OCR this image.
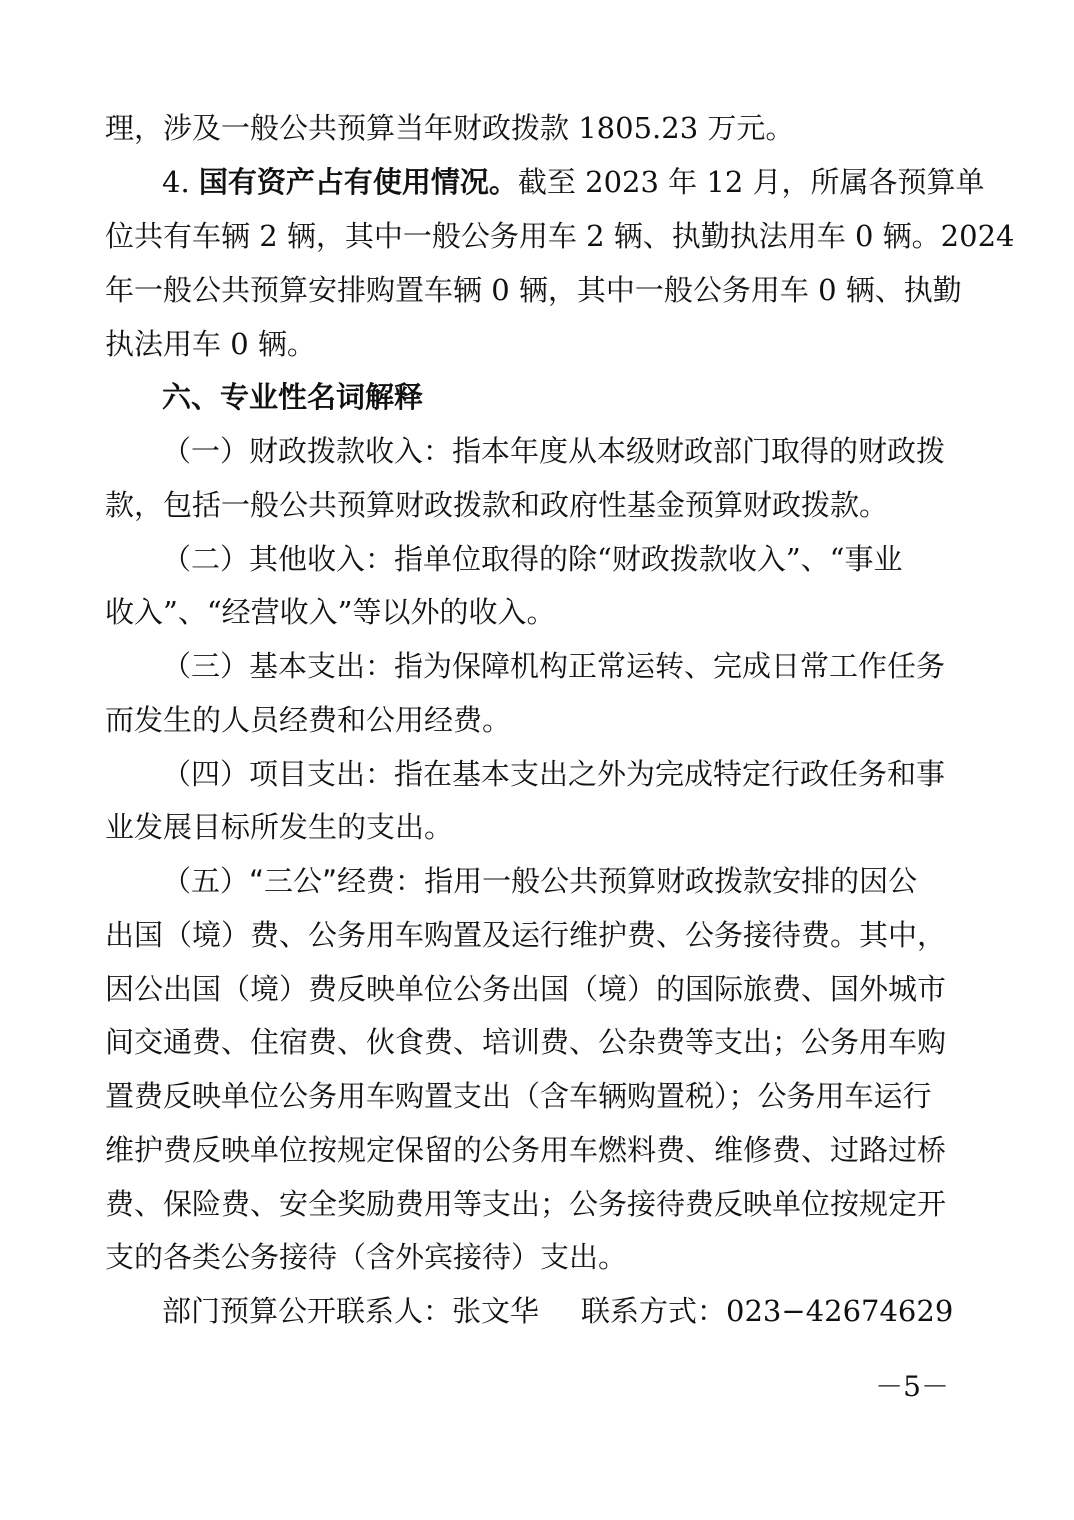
理，涉及一般公共预算当年财政拨款 1805.23 万元。
4. 国有资产占有使用情况。截至 2023 年 12 月，所属各预算单
位共有车辆 2 辆，其中一般公务用车 2 辆、执勤执法用车 0 辆。2024
年一般公共预算安排购置车辆 0 辆，其中一般公务用车 0 辆、执勤
执法用车 0 辆。
六、专业性名词解释
（一）财政拨款收入：指本年度从本级财政部门取得的财政拨
款，包括一般公共预算财政拨款和政府性基金预算财政拨款。
（二）其他收入：指单位取得的除“财政拨款收入”、“事业
收入”、“经营收入”等以外的收入。
（三）基本支出：指为保障机构正常运转、完成日常工作任务
而发生的人员经费和公用经费。
（四）项目支出：指在基本支出之外为完成特定行政任务和事
业发展目标所发生的支出。
（五）“三公”经费：指用一般公共预算财政拨款安排的因公
出国（境）费、公务用车购置及运行维护费、公务接待费。其中，
因公出国（境）费反映单位公务出国（境）的国际旅费、国外城市
间交通费、住宿费、伙食费、培训费、公杂费等支出；公务用车购
置费反映单位公务用车购置支出（含车辆购置税）；公务用车运行
维护费反映单位按规定保留的公务用车燃料费、维修费、过路过桥
费、保险费、安全奖励费用等支出；公务接待费反映单位按规定开
支的各类公务接待（含外宾接待）支出。
部门预算公开联系人：张文华 联系方式：023−42674629
－5－
